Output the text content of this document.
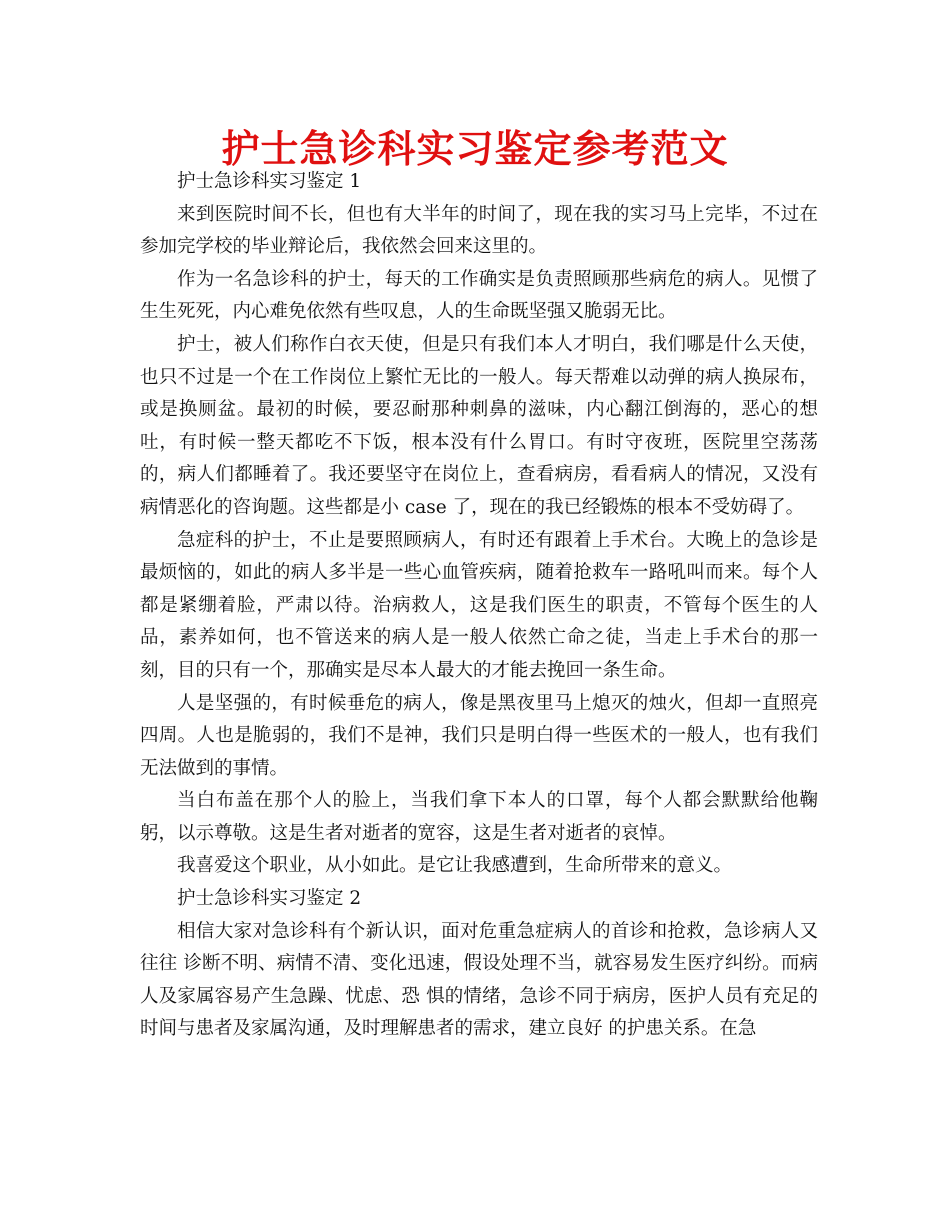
护士急诊科实习鉴定参考范文

护士急诊科实习鉴定 1

来到医院时间不长，但也有大半年的时间了，现在我的实习马上完毕，不过在参加完学校的毕业辩论后，我依然会回来这里的。

作为一名急诊科的护士，每天的工作确实是负责照顾那些病危的病人。见惯了生生死死，内心难免依然有些叹息，人的生命既坚强又脆弱无比。

护士，被人们称作白衣天使，但是只有我们本人才明白，我们哪是什么天使，也只不过是一个在工作岗位上繁忙无比的一般人。每天帮难以动弹的病人换尿布，或是换厕盆。最初的时候，要忍耐那种刺鼻的滋味，内心翻江倒海的，恶心的想吐，有时候一整天都吃不下饭，根本没有什么胃口。有时守夜班，医院里空荡荡的，病人们都睡着了。我还要坚守在岗位上，查看病房，看看病人的情况，又没有病情恶化的咨询题。这些都是小 case 了，现在的我已经锻炼的根本不受妨碍了。

急症科的护士，不止是要照顾病人，有时还有跟着上手术台。大晚上的急诊是最烦恼的，如此的病人多半是一些心血管疾病，随着抢救车一路吼叫而来。每个人都是紧绷着脸，严肃以待。治病救人，这是我们医生的职责，不管每个医生的人品，素养如何，也不管送来的病人是一般人依然亡命之徒，当走上手术台的那一刻，目的只有一个，那确实是尽本人最大的才能去挽回一条生命。

人是坚强的，有时候垂危的病人，像是黑夜里马上熄灭的烛火，但却一直照亮四周。人也是脆弱的，我们不是神，我们只是明白得一些医术的一般人，也有我们无法做到的事情。

当白布盖在那个人的脸上，当我们拿下本人的口罩，每个人都会默默给他鞠躬，以示尊敬。这是生者对逝者的宽容，这是生者对逝者的哀悼。

我喜爱这个职业，从小如此。是它让我感遭到，生命所带来的意义。

护士急诊科实习鉴定 2

相信大家对急诊科有个新认识，面对危重急症病人的首诊和抢救，急诊病人又往往 诊断不明、病情不清、变化迅速，假设处理不当，就容易发生医疗纠纷。而病人及家属容易产生急躁、忧虑、恐 惧的情绪，急诊不同于病房，医护人员有充足的时间与患者及家属沟通，及时理解患者的需求，建立良好 的护患关系。在急
